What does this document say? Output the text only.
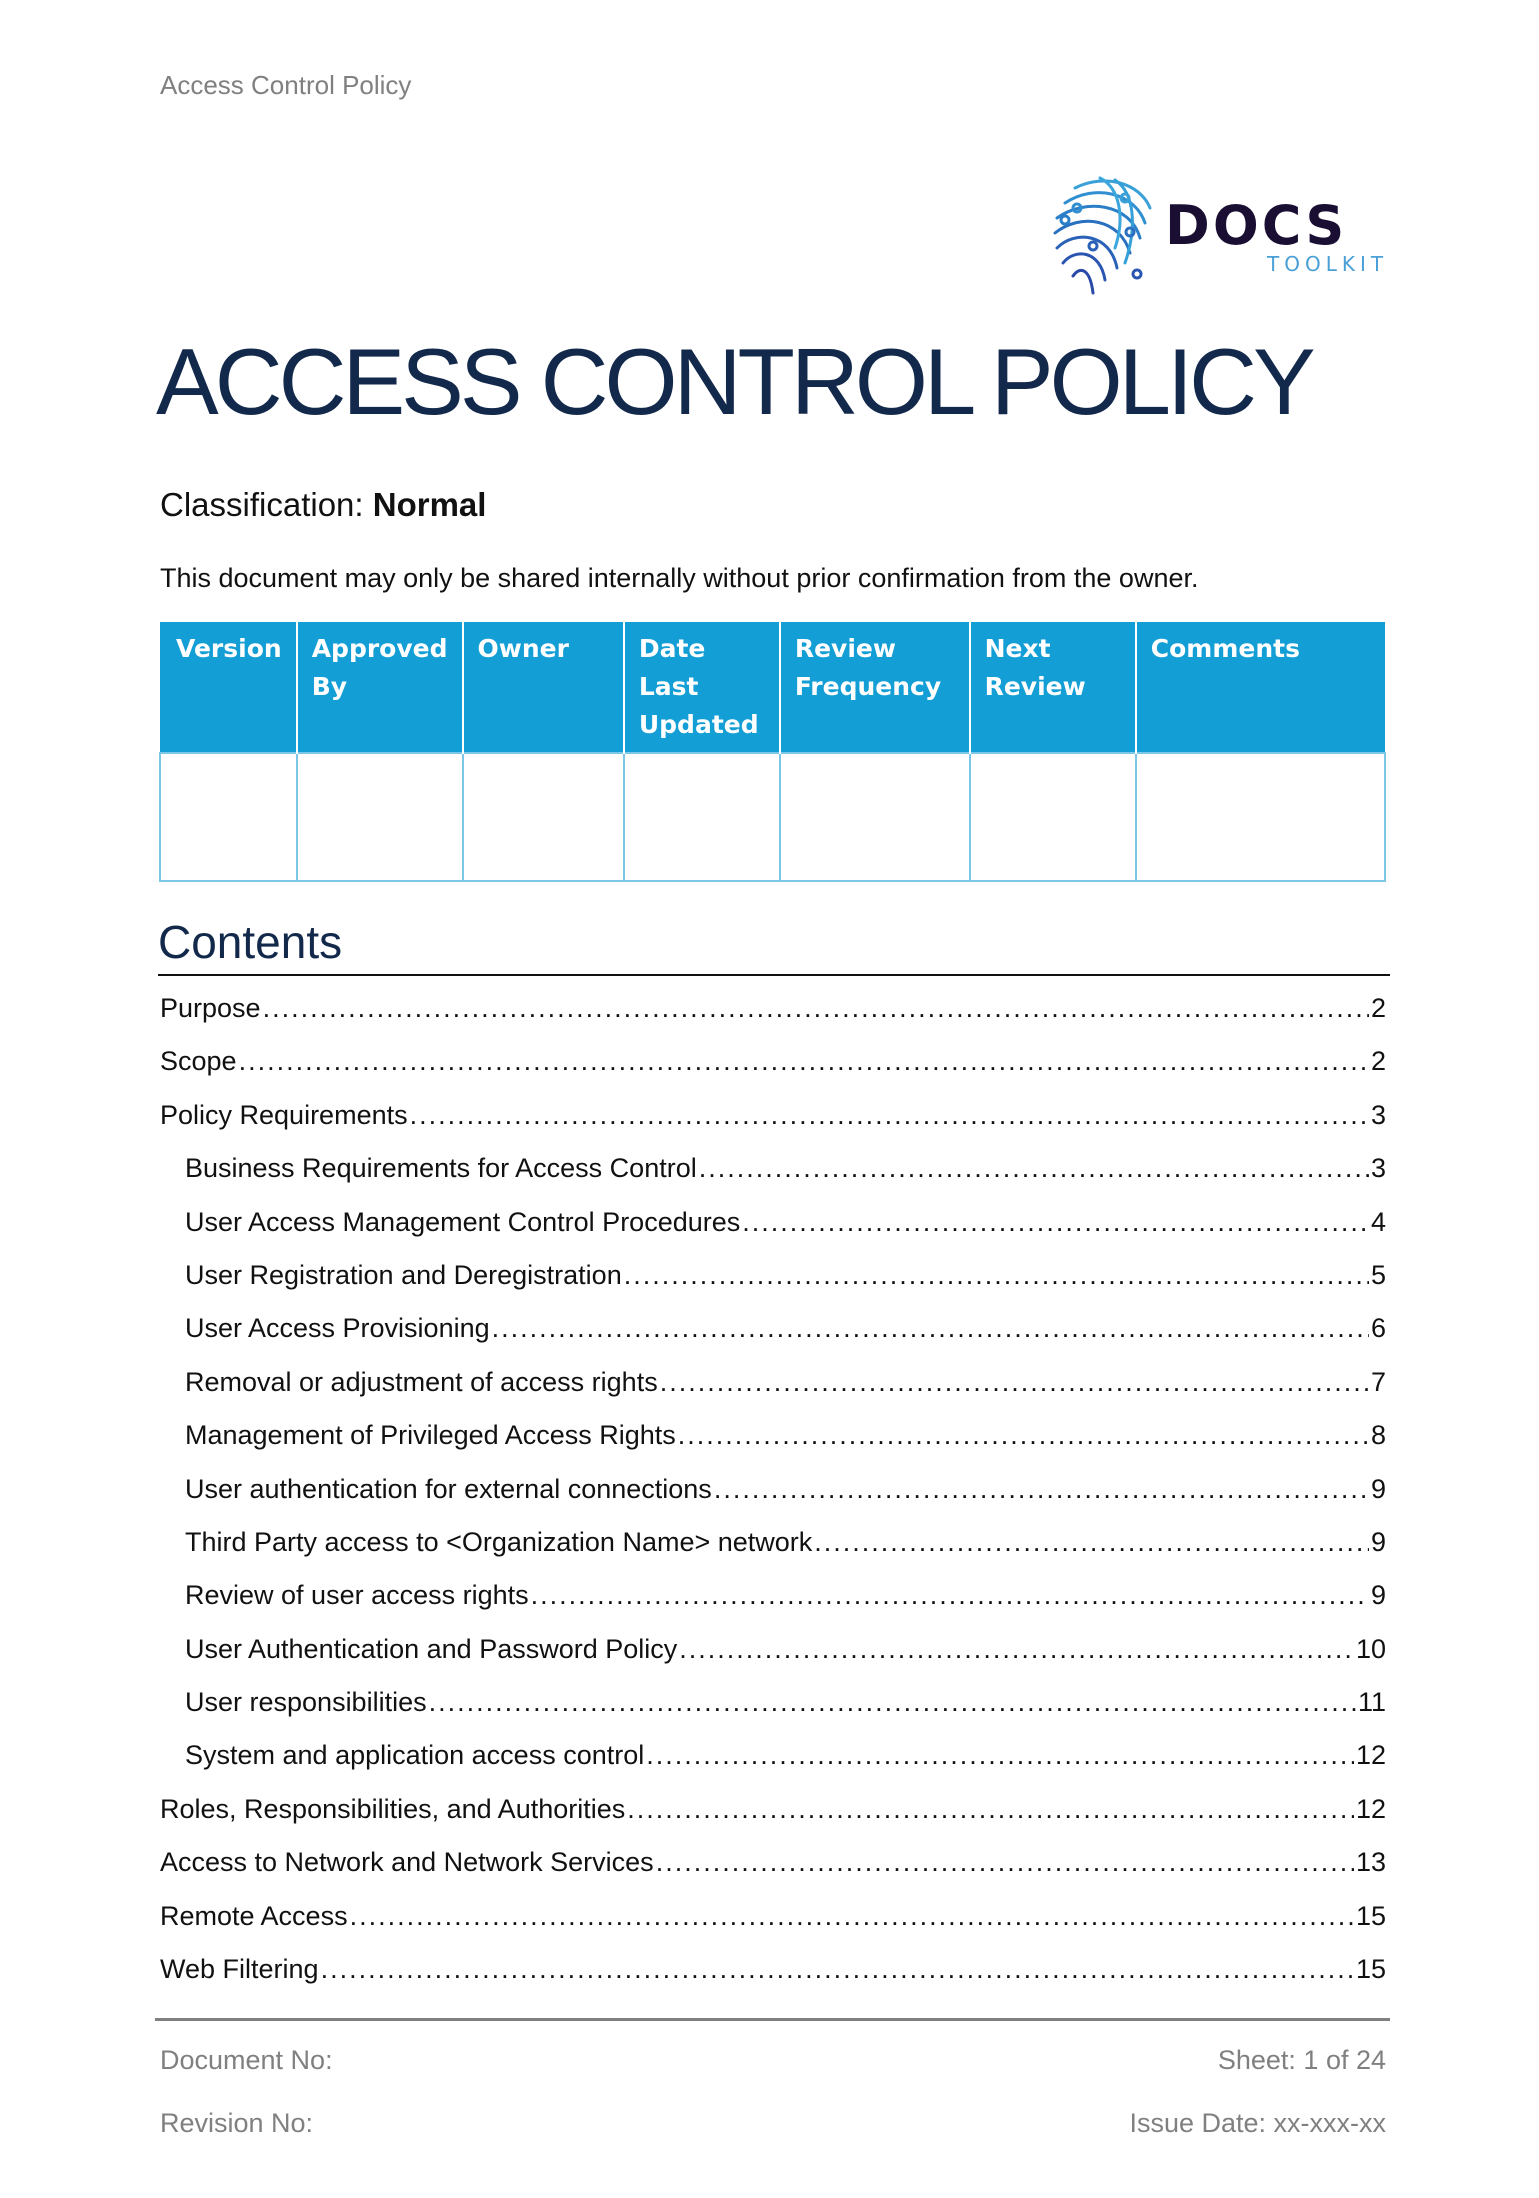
Access Control Policy
DOCS
TOOLKIT
ACCESS CONTROL POLICY
Classification: Normal
This document may only be shared internally without prior confirmation from the owner.
Version	Approved By	Owner	Date Last Updated	Review Frequency	Next Review	Comments

Contents
Purpose .....	2
Scope .....	2
Policy Requirements .....	3
Business Requirements for Access Control .....	3
User Access Management Control Procedures .....	4
User Registration and Deregistration .....	5
User Access Provisioning .....	6
Removal or adjustment of access rights .....	7
Management of Privileged Access Rights .....	8
User authentication for external connections .....	9
Third Party access to <Organization Name> network .....	9
Review of user access rights .....	9
User Authentication and Password Policy .....	10
User responsibilities .....	11
System and application access control .....	12
Roles, Responsibilities, and Authorities .....	12
Access to Network and Network Services .....	13
Remote Access .....	15
Web Filtering .....	15
Document No:
Revision No:
Sheet: 1 of 24
Issue Date: xx-xxx-xx
